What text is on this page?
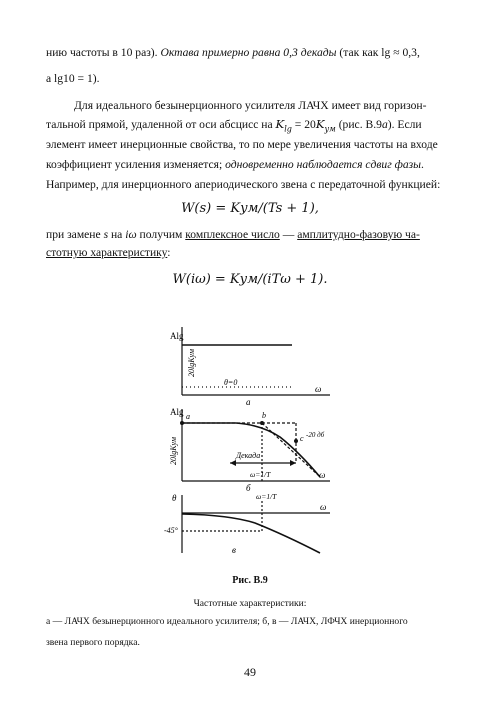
нию частоты в 10 раз). Октава примерно равна 0,3 декады (так как lg ≈ 0,3,
a lg10 = 1).
Для идеального безынерционного усилителя ЛАЧХ имеет вид горизон-
тальной прямой, удаленной от оси абсцисс на $K_{lg} = 20K_{ум}$ (рис. В.9а). Если
элемент имеет инерционные свойства, то по мере увеличения частоты на входе
коэффициент усиления изменяется; одновременно наблюдается сдвиг фазы.
Например, для инерционного апериодического звена с передаточной функцией:
W(s) = Kум/(Ts + 1),
при замене s на iω получим комплексное число — амплитудно-фазовую ча-
стотную характеристику:
W(iω) = Kум/(iTω + 1).
Alg
20lgKум
θ=0
ω
а
Alg
20lgKум
a	b
c -20 дб
Декада
ω=1/T	ω
б
θ	ω=1/T
ω
-45°
в
Рис. В.9
Частотные характеристики:
а — ЛАЧХ безынерционного идеального усилителя; б, в — ЛАЧХ, ЛФЧХ инерционного
звена первого порядка.
49
